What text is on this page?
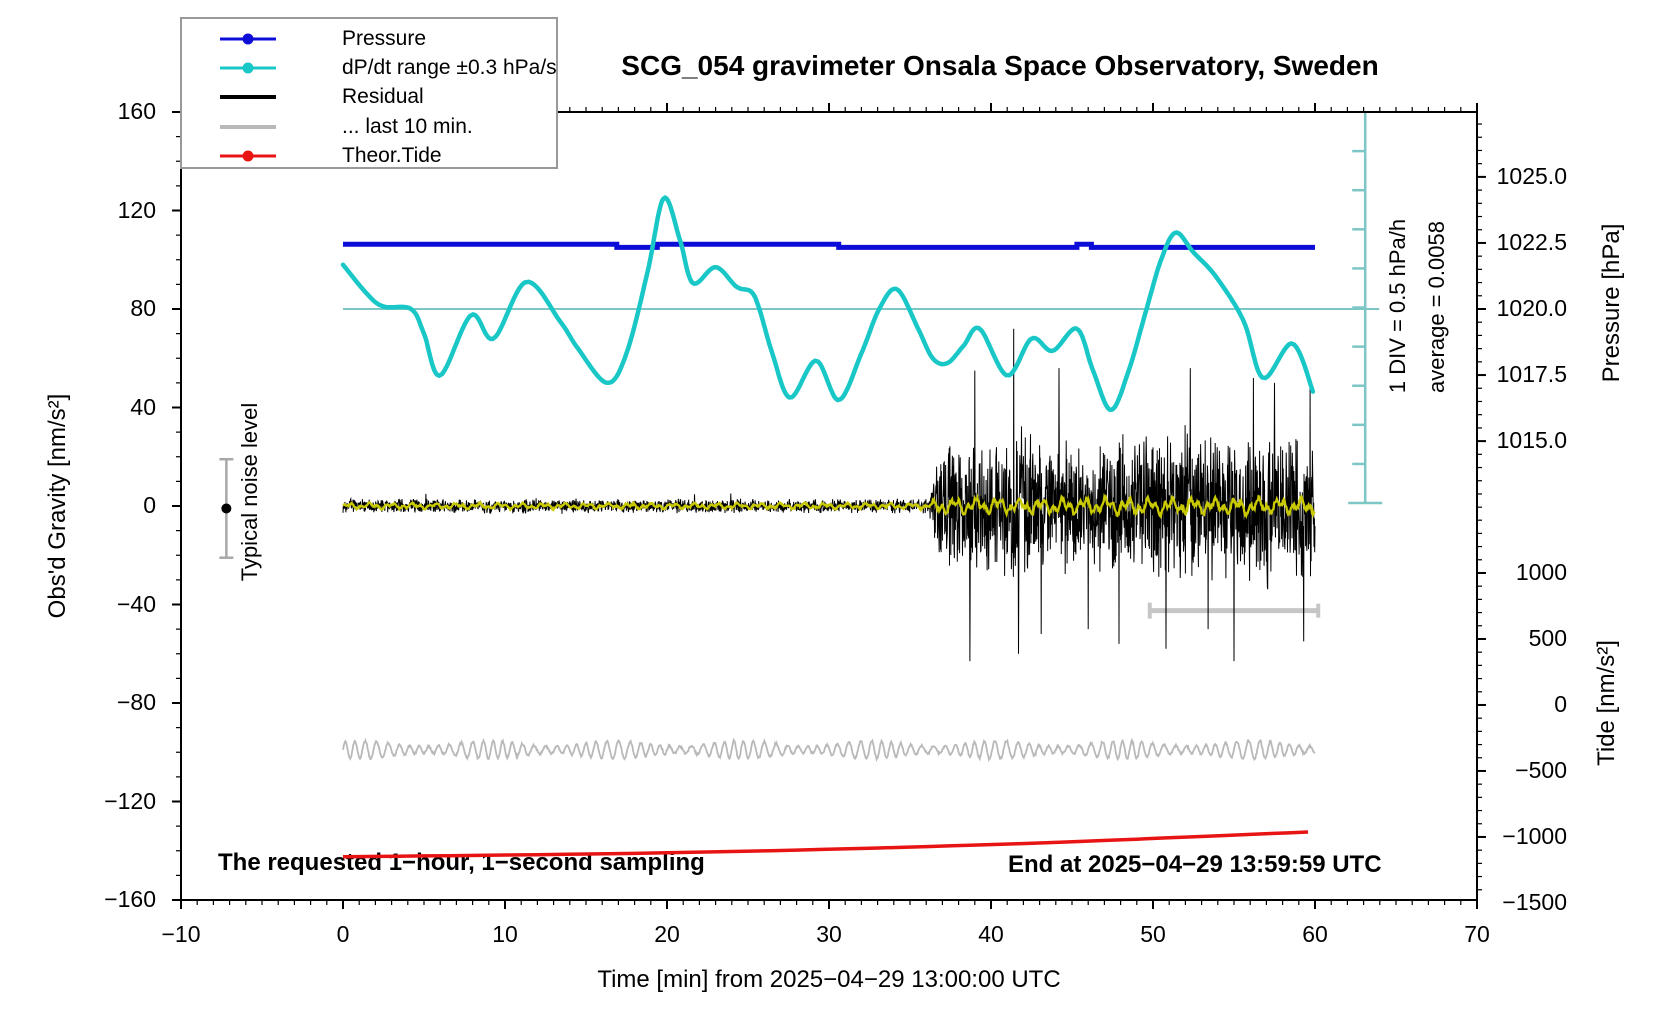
SCG_054 gravimeter Onsala Space Observatory, Sweden
Pressure
dP/dt range ±0.3 hPa/s
Residual
... last 10 min.
Theor.Tide
The requested 1−hour, 1−second sampling	End at 2025−04−29 13:59:59 UTC
Time [min] from 2025−04−29 13:00:00 UTC
Obs'd Gravity [nm/s²]
Pressure [hPa]
Tide [nm/s²]
1 DIV = 0.5 hPa/h average = 0.0058
Typical noise level
−10	0	10	20	30	40	50	60	70
160
120
80
40
0
−40
−80
−120
−160
1025.0
1022.5
1020.0
1017.5
1015.0
1000
500
0
−500
−1000
−1500
